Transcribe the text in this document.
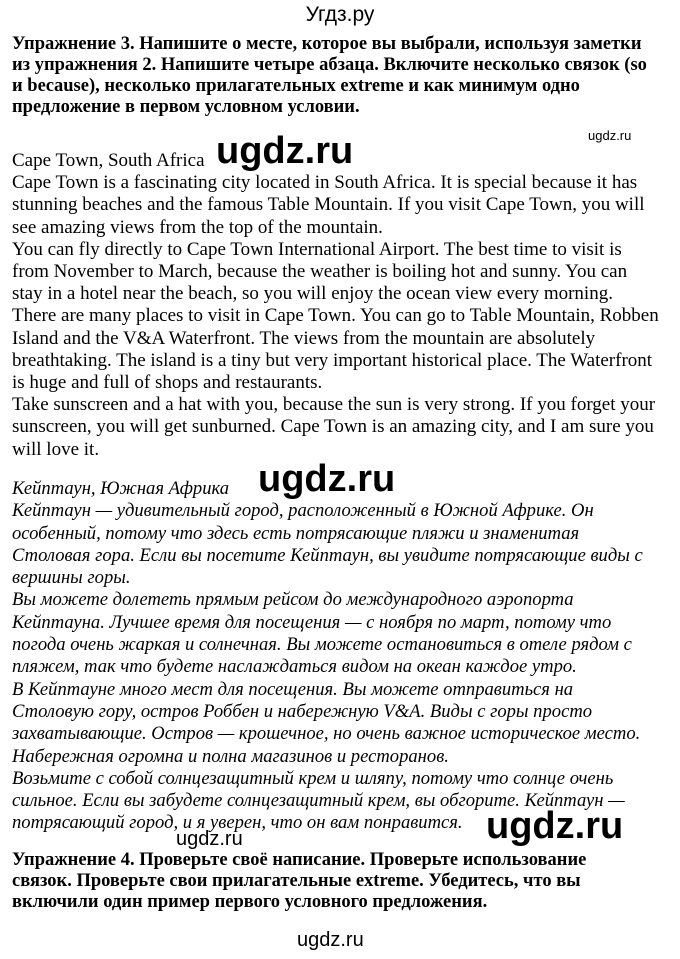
Угдз.ру

Упражнение 3. Напишите о месте, которое вы выбрали, используя заметки

из упражнения 2. Напишите четыре абзаца. Включите несколько связок (so

и because), несколько прилагательных extreme и как минимум одно

предложение в первом условном условии.

Cape Town, South Africa

Cape Town is a fascinating city located in South Africa. It is special because it has

stunning beaches and the famous Table Mountain. If you visit Cape Town, you will

see amazing views from the top of the mountain.

You can fly directly to Cape Town International Airport. The best time to visit is

from November to March, because the weather is boiling hot and sunny. You can

stay in a hotel near the beach, so you will enjoy the ocean view every morning.

There are many places to visit in Cape Town. You can go to Table Mountain, Robben

Island and the V&A Waterfront. The views from the mountain are absolutely

breathtaking. The island is a tiny but very important historical place. The Waterfront

is huge and full of shops and restaurants.

Take sunscreen and a hat with you, because the sun is very strong. If you forget your

sunscreen, you will get sunburned. Cape Town is an amazing city, and I am sure you

will love it.

Кейптаун, Южная Африка

Кейптаун — удивительный город, расположенный в Южной Африке. Он

особенный, потому что здесь есть потрясающие пляжи и знаменитая

Столовая гора. Если вы посетите Кейптаун, вы увидите потрясающие виды с

вершины горы.

Вы можете долететь прямым рейсом до международного аэропорта

Кейптауна. Лучшее время для посещения — с ноября по март, потому что

погода очень жаркая и солнечная. Вы можете остановиться в отеле рядом с

пляжем, так что будете наслаждаться видом на океан каждое утро.

В Кейптауне много мест для посещения. Вы можете отправиться на

Столовую гору, остров Роббен и набережную V&A. Виды с горы просто

захватывающие. Остров — крошечное, но очень важное историческое место.

Набережная огромна и полна магазинов и ресторанов.

Возьмите с собой солнцезащитный крем и шляпу, потому что солнце очень

сильное. Если вы забудете солнцезащитный крем, вы обгорите. Кейптаун —

потрясающий город, и я уверен, что он вам понравится.

Упражнение 4. Проверьте своё написание. Проверьте использование

связок. Проверьте свои прилагательные extreme. Убедитесь, что вы

включили один пример первого условного предложения.

ugdz.ru
ugdz.ru
ugdz.ru
ugdz.ru	ugdz.ru
ugdz.ru
